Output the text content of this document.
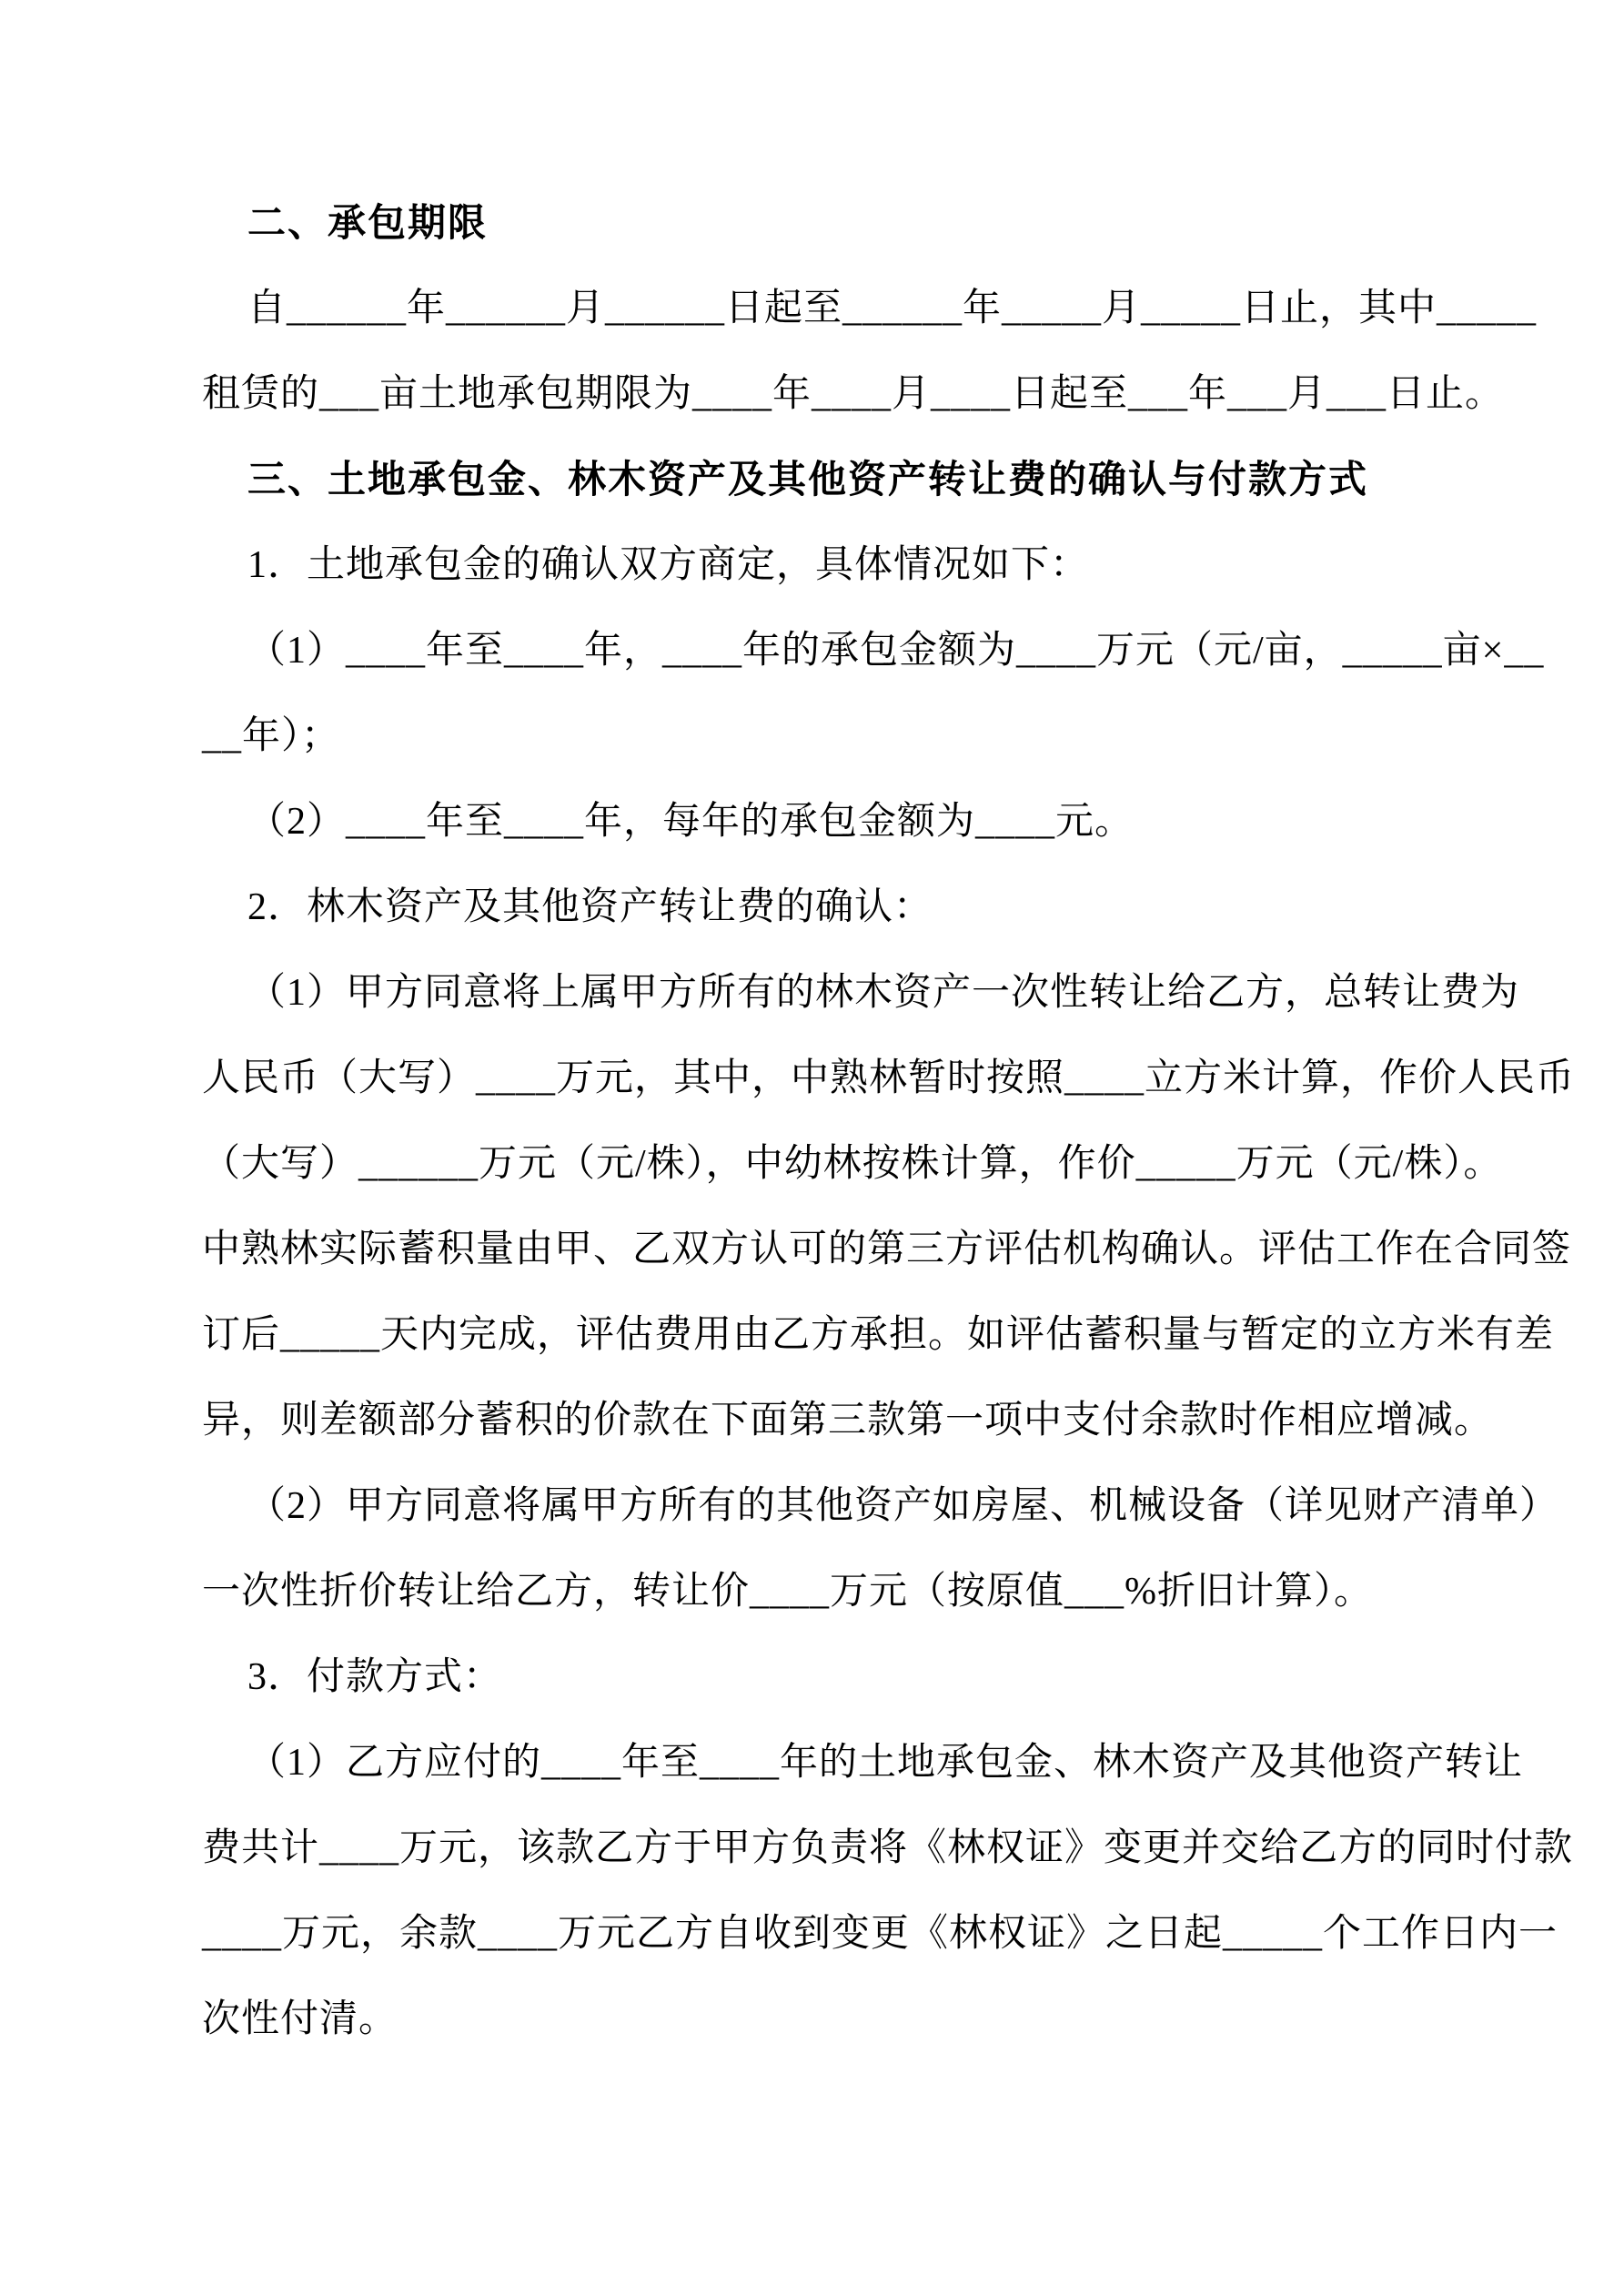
二、承包期限
自______年______月______日起至______年_____月_____日止，其中_____
租赁的___亩土地承包期限为____年____月____日起至___年___月___日止。
三、土地承包金、林木资产及其他资产转让费的确认与付款方式
1．土地承包金的确认双方商定，具体情况如下：
（1）____年至____年，____年的承包金额为____万元（元/亩，_____亩×__
__年）；
（2）____年至____年，每年的承包金额为____元。
2．林木资产及其他资产转让费的确认：
（1）甲方同意将上属甲方所有的林木资产一次性转让给乙方，总转让费为
人民币（大写）____万元，其中，中熟林暂时按照____立方米计算，作价人民币
（大写）______万元（元/株），中幼林按株计算，作价_____万元（元/株）。
中熟林实际蓄积量由甲、乙双方认可的第三方评估机构确认。评估工作在合同签
订后_____天内完成，评估费用由乙方承担。如评估蓄积量与暂定的立方米有差
异，则差额部分蓄积的价款在下面第三款第一项中支付余款时作相应增减。
（2）甲方同意将属甲方所有的其他资产如房屋、机械设备（详见财产清单）
一次性折价转让给乙方，转让价____万元（按原值___%折旧计算）。
3．付款方式：
（1）乙方应付的____年至____年的土地承包金、林木资产及其他资产转让
费共计____万元，该款乙方于甲方负责将《林权证》变更并交给乙方的同时付款
____万元，余款____万元乙方自收到变更《林权证》之日起_____个工作日内一
次性付清。
